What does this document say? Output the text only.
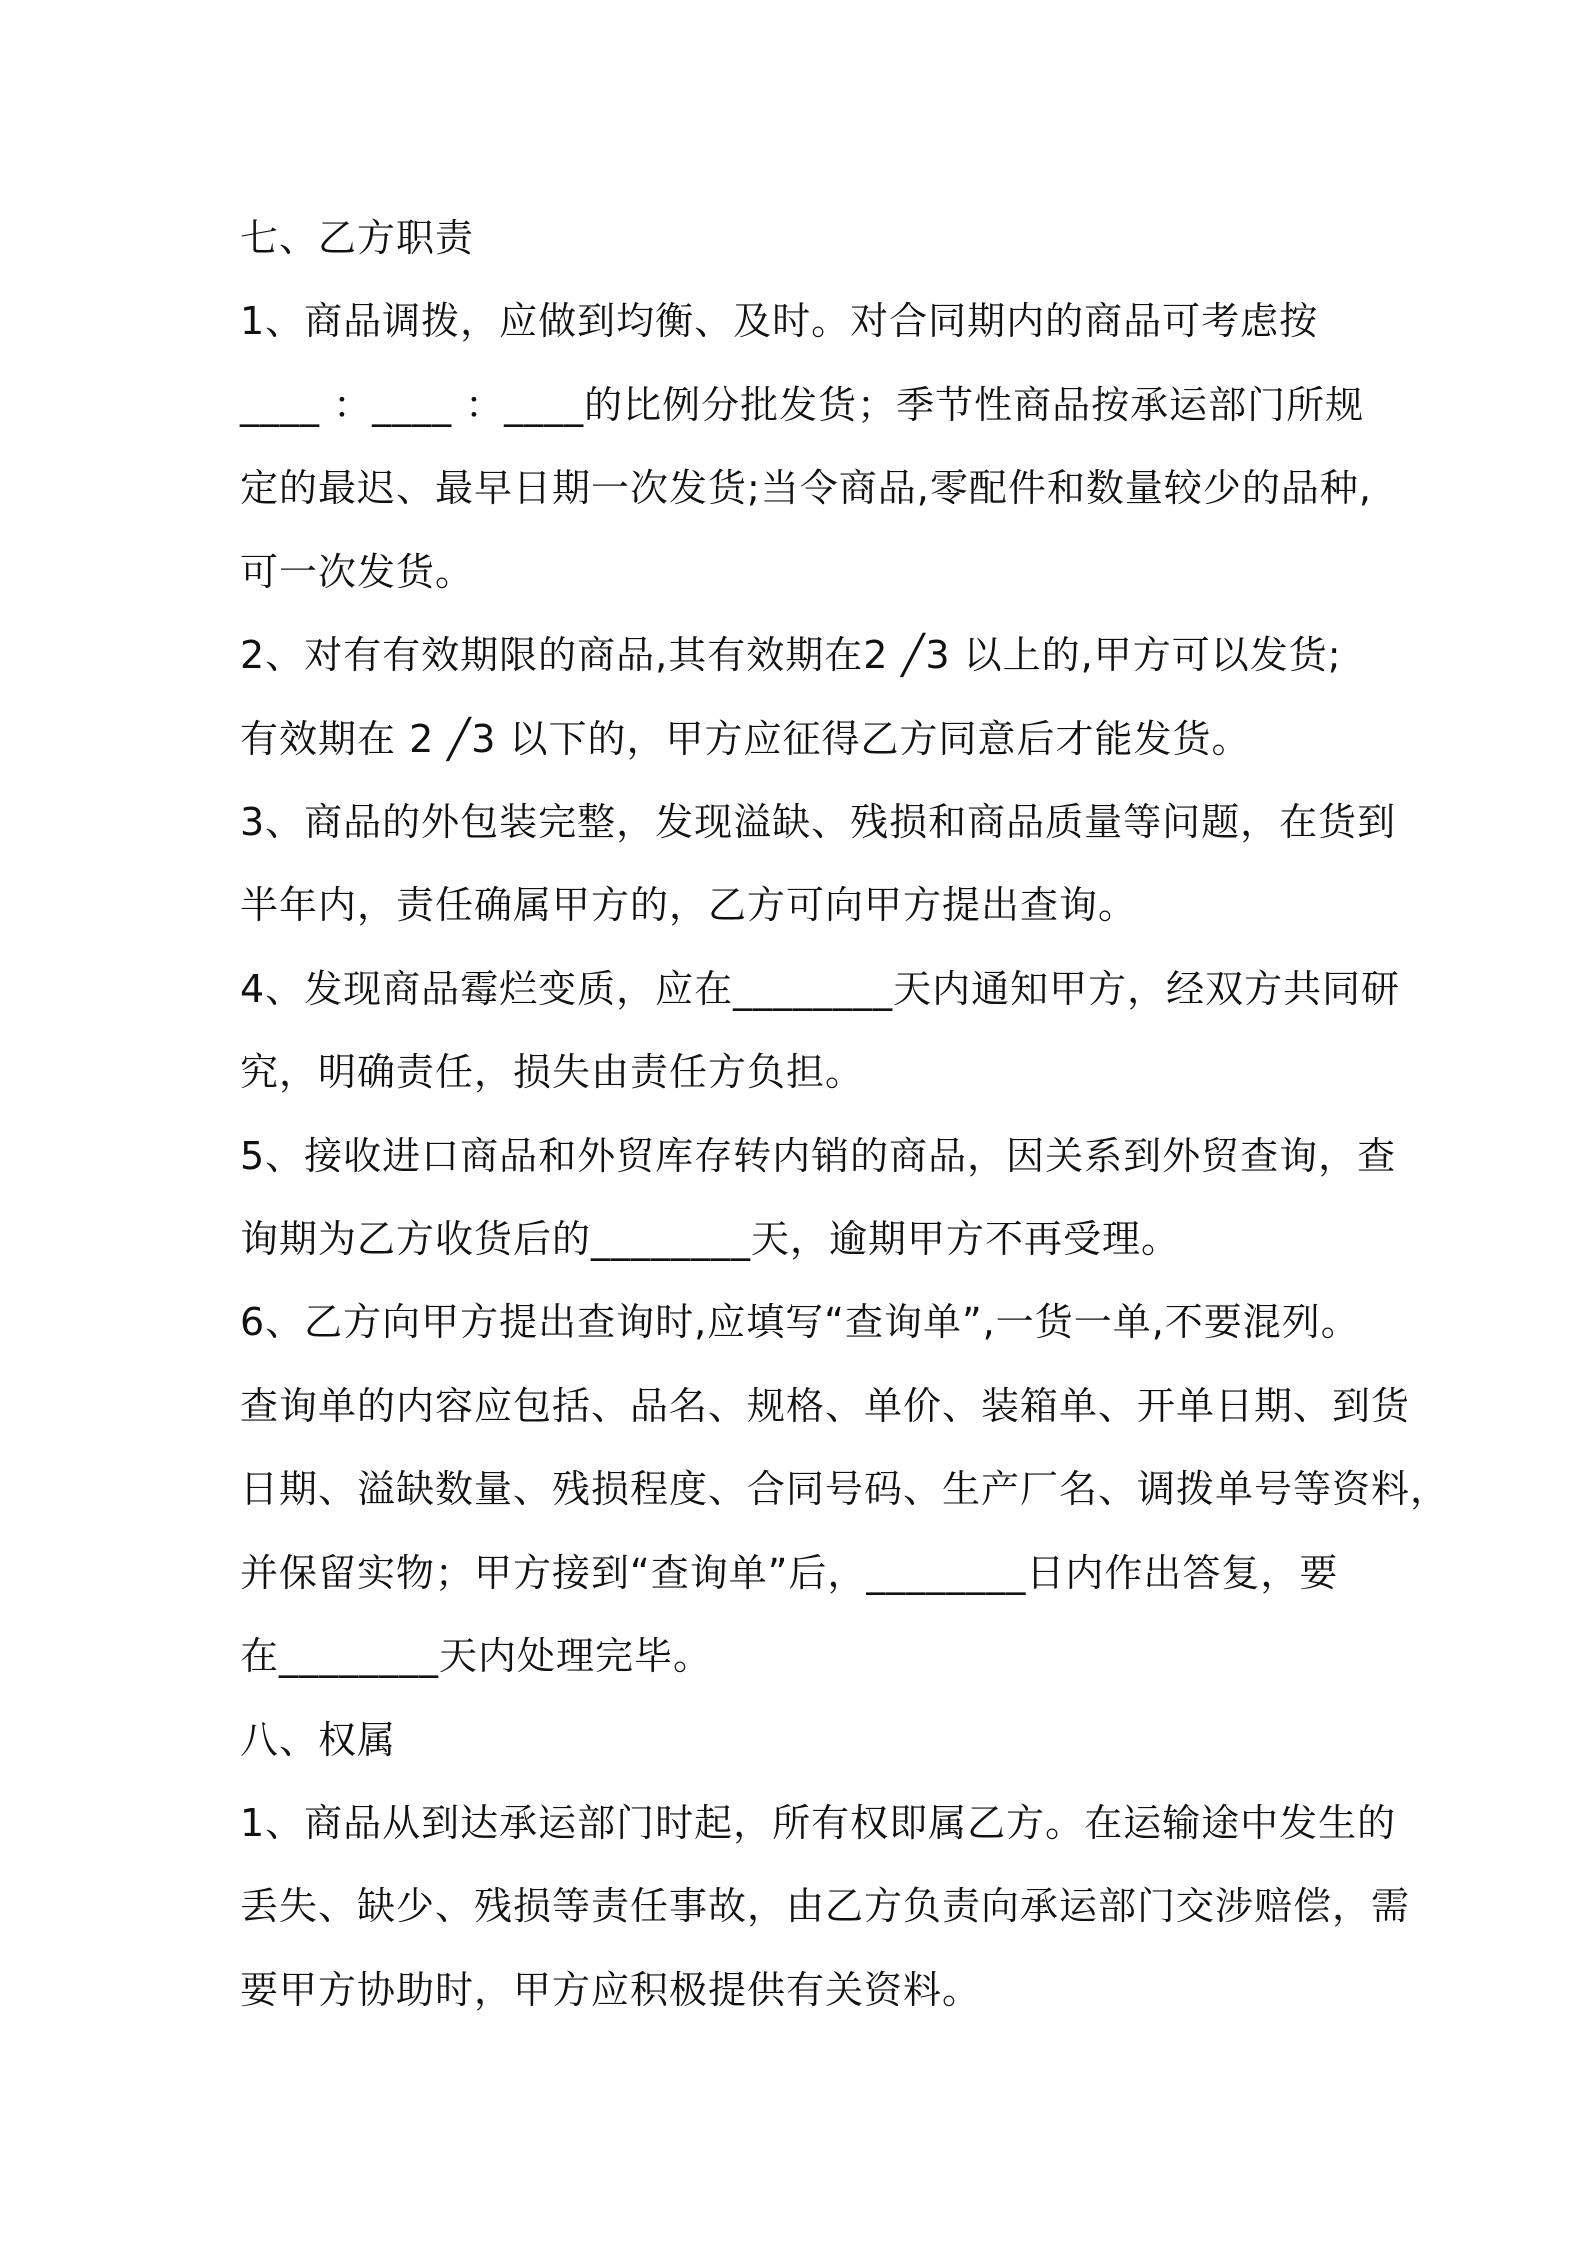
七、乙方职责
1、商品调拨，应做到均衡、及时。对合同期内的商品可考虑按
____ ：____ ：____的比例分批发货；季节性商品按承运部门所规
定的最迟、最早日期一次发货;当令商品,零配件和数量较少的品种,
可一次发货。
2、对有有效期限的商品,其有效期在2 ╱3 以上的,甲方可以发货;
有效期在 2 ╱3 以下的，甲方应征得乙方同意后才能发货。
3、商品的外包装完整，发现溢缺、残损和商品质量等问题，在货到
半年内，责任确属甲方的，乙方可向甲方提出查询。
4、发现商品霉烂变质，应在________天内通知甲方，经双方共同研
究，明确责任，损失由责任方负担。
5、接收进口商品和外贸库存转内销的商品，因关系到外贸查询，查
询期为乙方收货后的________天，逾期甲方不再受理。
6、乙方向甲方提出查询时,应填写“查询单”,一货一单,不要混列。
查询单的内容应包括、品名、规格、单价、装箱单、开单日期、到货
日期、溢缺数量、残损程度、合同号码、生产厂名、调拨单号等资料，
并保留实物；甲方接到“查询单”后，________日内作出答复，要
在________天内处理完毕。
八、权属
1、商品从到达承运部门时起，所有权即属乙方。在运输途中发生的
丢失、缺少、残损等责任事故，由乙方负责向承运部门交涉赔偿，需
要甲方协助时，甲方应积极提供有关资料。
